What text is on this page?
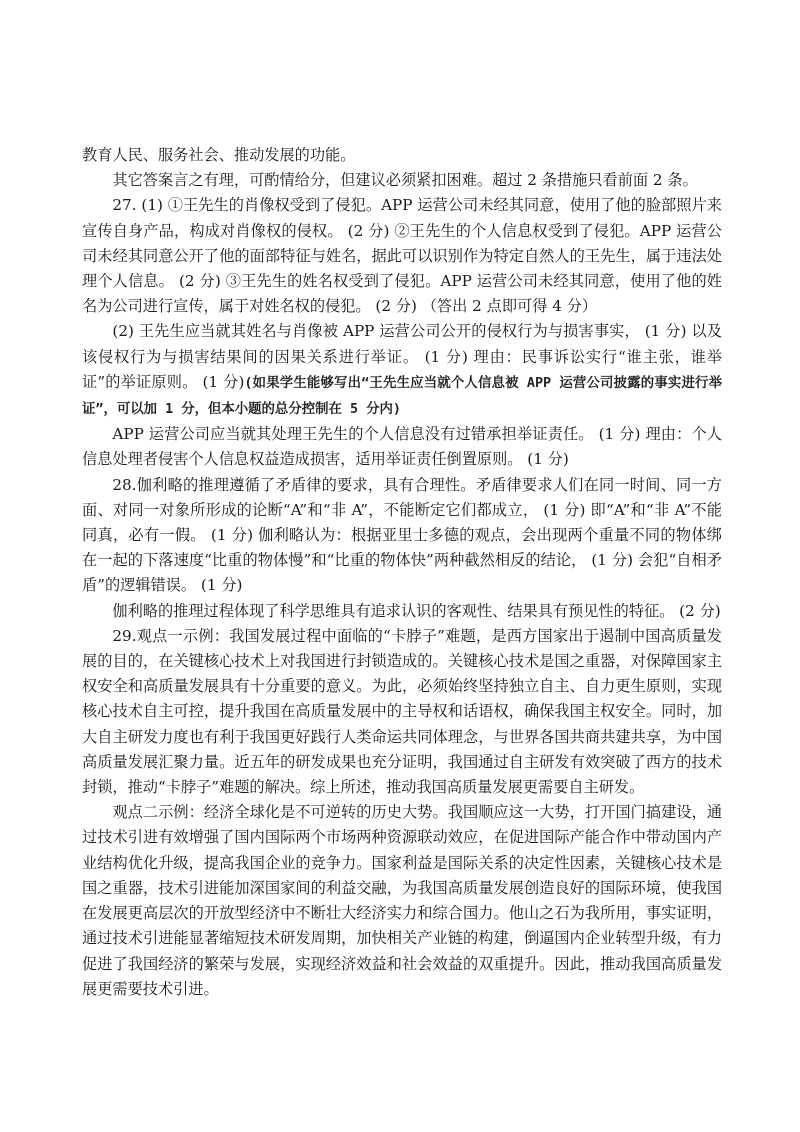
教育人民、服务社会、推动发展的功能。

其它答案言之有理，可酌情给分，但建议必须紧扣困难。超过 2 条措施只看前面 2 条。

27. (1) ①王先生的肖像权受到了侵犯。APP 运营公司未经其同意，使用了他的脸部照片来宣传自身产品，构成对肖像权的侵权。 (2 分) ②王先生的个人信息权受到了侵犯。APP 运营公司未经其同意公开了他的面部特征与姓名，据此可以识别作为特定自然人的王先生，属于违法处理个人信息。 (2 分) ③王先生的姓名权受到了侵犯。APP 运营公司未经其同意，使用了他的姓名为公司进行宣传，属于对姓名权的侵犯。 (2 分) （答出 2 点即可得 4 分）

(2) 王先生应当就其姓名与肖像被 APP 运营公司公开的侵权行为与损害事实， (1 分) 以及该侵权行为与损害结果间的因果关系进行举证。 (1 分) 理由：民事诉讼实行“谁主张，谁举证”的举证原则。 (1 分)(如果学生能够写出“王先生应当就个人信息被 APP 运营公司披露的事实进行举证”，可以加 1 分，但本小题的总分控制在 5 分内)

APP 运营公司应当就其处理王先生的个人信息没有过错承担举证责任。 (1 分) 理由：个人信息处理者侵害个人信息权益造成损害，适用举证责任倒置原则。 (1 分)

28.伽利略的推理遵循了矛盾律的要求，具有合理性。矛盾律要求人们在同一时间、同一方面、对同一对象所形成的论断“A”和“非 A”，不能断定它们都成立， (1 分) 即“A”和“非 A”不能同真，必有一假。 (1 分) 伽利略认为：根据亚里士多德的观点，会出现两个重量不同的物体绑在一起的下落速度“比重的物体慢”和“比重的物体快”两种截然相反的结论， (1 分) 会犯“自相矛盾”的逻辑错误。 (1 分)

伽利略的推理过程体现了科学思维具有追求认识的客观性、结果具有预见性的特征。 (2 分)

29.观点一示例：我国发展过程中面临的“卡脖子”难题，是西方国家出于遏制中国高质量发展的目的，在关键核心技术上对我国进行封锁造成的。关键核心技术是国之重器，对保障国家主权安全和高质量发展具有十分重要的意义。为此，必须始终坚持独立自主、自力更生原则，实现核心技术自主可控，提升我国在高质量发展中的主导权和话语权，确保我国主权安全。同时，加大自主研发力度也有利于我国更好践行人类命运共同体理念，与世界各国共商共建共享，为中国高质量发展汇聚力量。近五年的研发成果也充分证明，我国通过自主研发有效突破了西方的技术封锁，推动“卡脖子”难题的解决。综上所述，推动我国高质量发展更需要自主研发。

观点二示例：经济全球化是不可逆转的历史大势。我国顺应这一大势，打开国门搞建设，通过技术引进有效增强了国内国际两个市场两种资源联动效应，在促进国际产能合作中带动国内产业结构优化升级，提高我国企业的竞争力。国家利益是国际关系的决定性因素，关键核心技术是国之重器，技术引进能加深国家间的利益交融，为我国高质量发展创造良好的国际环境，使我国在发展更高层次的开放型经济中不断壮大经济实力和综合国力。他山之石为我所用，事实证明，通过技术引进能显著缩短技术研发周期，加快相关产业链的构建，倒逼国内企业转型升级，有力促进了我国经济的繁荣与发展，实现经济效益和社会效益的双重提升。因此，推动我国高质量发展更需要技术引进。
